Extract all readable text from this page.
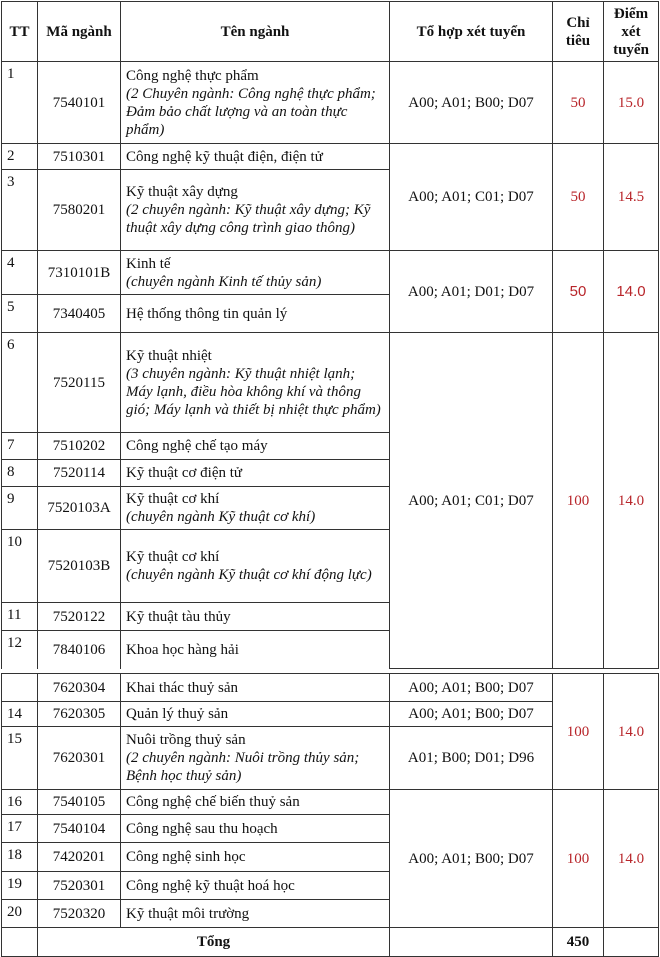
TT	Mã ngành	Tên ngành	Tổ hợp xét tuyển	Chỉ tiêu	Điểm xét tuyển
1	7540101	Công nghệ thực phẩm
(2 Chuyên ngành: Công nghệ thực phẩm; Đảm bảo chất lượng và an toàn thực phẩm)	A00; A01; B00; D07	50	15.0
2	7510301	Công nghệ kỹ thuật điện, điện tử	A00; A01; C01; D07	50	14.5
3	7580201	Kỹ thuật xây dựng
(2 chuyên ngành: Kỹ thuật xây dựng; Kỹ thuật xây dựng công trình giao thông)			

4	7310101B	Kinh tế
(chuyên ngành Kinh tế thủy sản)	A00; A01; D01; D07	50	14.0
5	7340405	Hệ thống thông tin quản lý			
6	7520115	Kỹ thuật nhiệt
(3 chuyên ngành: Kỹ thuật nhiệt lạnh; Máy lạnh, điều hòa không khí và thông gió; Máy lạnh và thiết bị nhiệt thực phẩm)	A00; A01; C01; D07	100	14.0
7	7510202	Công nghệ chế tạo máy			
8	7520114	Kỹ thuật cơ điện tử			
9	7520103A	Kỹ thuật cơ khí
(chuyên ngành Kỹ thuật cơ khí)			

10	7520103B	Kỹ thuật cơ khí
(chuyên ngành Kỹ thuật cơ khí động lực)			

11	7520122	Kỹ thuật tàu thủy			
12	7840106	Khoa học hàng hải			
	7620304	Khai thác thuỷ sản	A00; A01; B00; D07	100	14.0
14	7620305	Quản lý thuỷ sản	A00; A01; B00; D07		
15	7620301	Nuôi trồng thuỷ sản
(2 chuyên ngành: Nuôi trồng thủy sản; Bệnh học thuỷ sản)	A01; B00; D01; D96		
16	7540105	Công nghệ chế biến thuỷ sản	A00; A01; B00; D07	100	14.0
17	7540104	Công nghệ sau thu hoạch			
18	7420201	Công nghệ sinh học			
19	7520301	Công nghệ kỹ thuật hoá học			
20	7520320	Kỹ thuật môi trường			
	Tổng			450	
